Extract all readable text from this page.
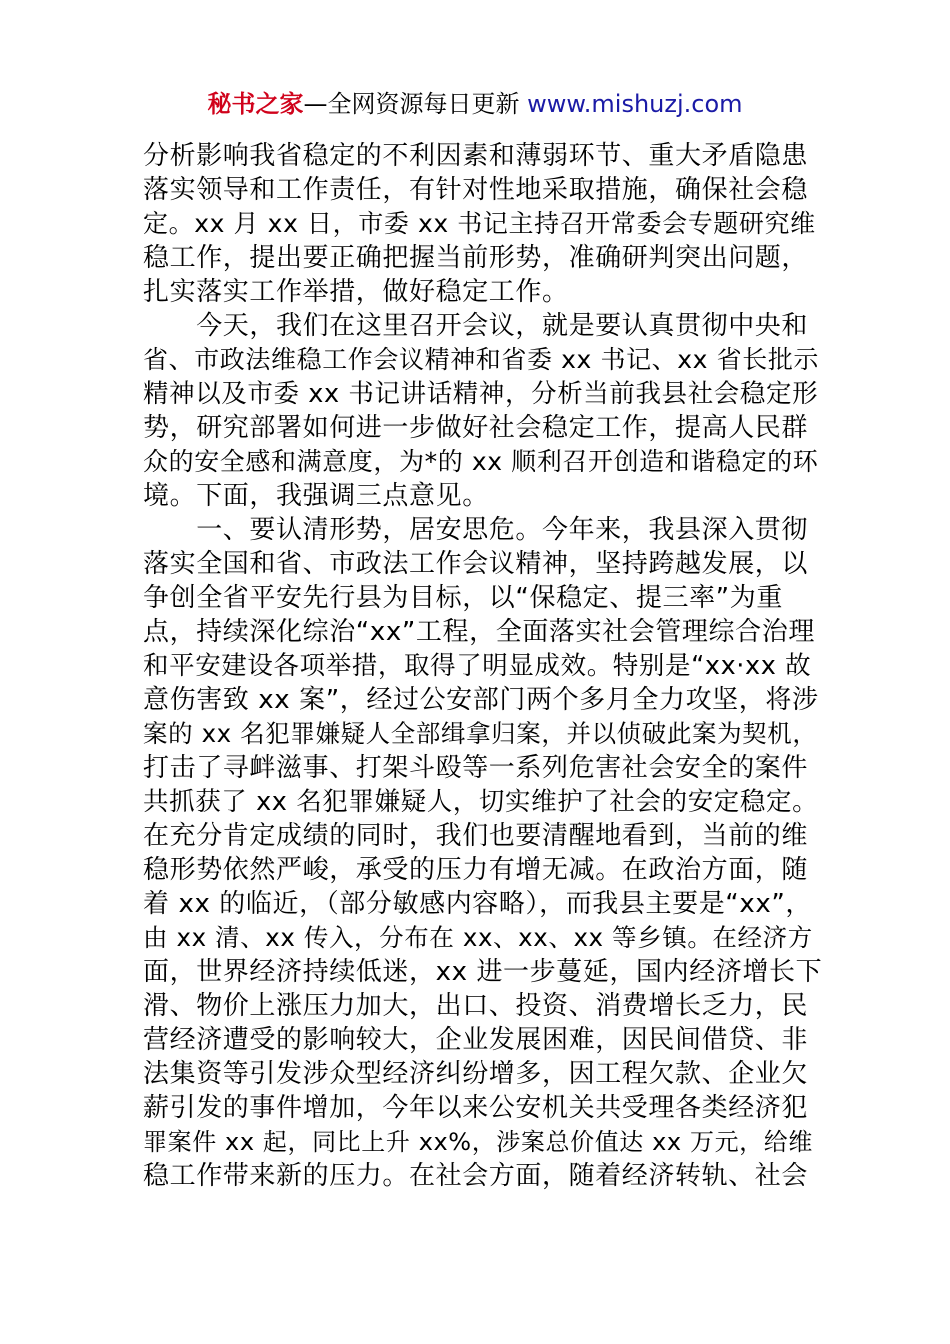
秘书之家—全网资源每日更新 www.mishuzj.com
分析影响我省稳定的不利因素和薄弱环节、重大矛盾隐患
落实领导和工作责任，有针对性地采取措施，确保社会稳
定。xx 月 xx 日，市委 xx 书记主持召开常委会专题研究维
稳工作，提出要正确把握当前形势，准确研判突出问题，
扎实落实工作举措，做好稳定工作。
　　今天，我们在这里召开会议，就是要认真贯彻中央和
省、市政法维稳工作会议精神和省委 xx 书记、xx 省长批示
精神以及市委 xx 书记讲话精神，分析当前我县社会稳定形
势，研究部署如何进一步做好社会稳定工作，提高人民群
众的安全感和满意度，为*的 xx 顺利召开创造和谐稳定的环
境。下面，我强调三点意见。
　　一、要认清形势，居安思危。今年来，我县深入贯彻
落实全国和省、市政法工作会议精神，坚持跨越发展，以
争创全省平安先行县为目标，以“保稳定、提三率”为重
点，持续深化综治“xx”工程，全面落实社会管理综合治理
和平安建设各项举措，取得了明显成效。特别是“xx·xx 故
意伤害致 xx 案”，经过公安部门两个多月全力攻坚，将涉
案的 xx 名犯罪嫌疑人全部缉拿归案，并以侦破此案为契机，
打击了寻衅滋事、打架斗殴等一系列危害社会安全的案件
共抓获了 xx 名犯罪嫌疑人，切实维护了社会的安定稳定。
在充分肯定成绩的同时，我们也要清醒地看到，当前的维
稳形势依然严峻，承受的压力有增无减。在政治方面，随
着 xx 的临近，（部分敏感内容略），而我县主要是“xx”，
由 xx 清、xx 传入，分布在 xx、xx、xx 等乡镇。在经济方
面，世界经济持续低迷，xx 进一步蔓延，国内经济增长下
滑、物价上涨压力加大，出口、投资、消费增长乏力，民
营经济遭受的影响较大，企业发展困难，因民间借贷、非
法集资等引发涉众型经济纠纷增多，因工程欠款、企业欠
薪引发的事件增加，今年以来公安机关共受理各类经济犯
罪案件 xx 起，同比上升 xx%，涉案总价值达 xx 万元，给维
稳工作带来新的压力。在社会方面，随着经济转轨、社会
